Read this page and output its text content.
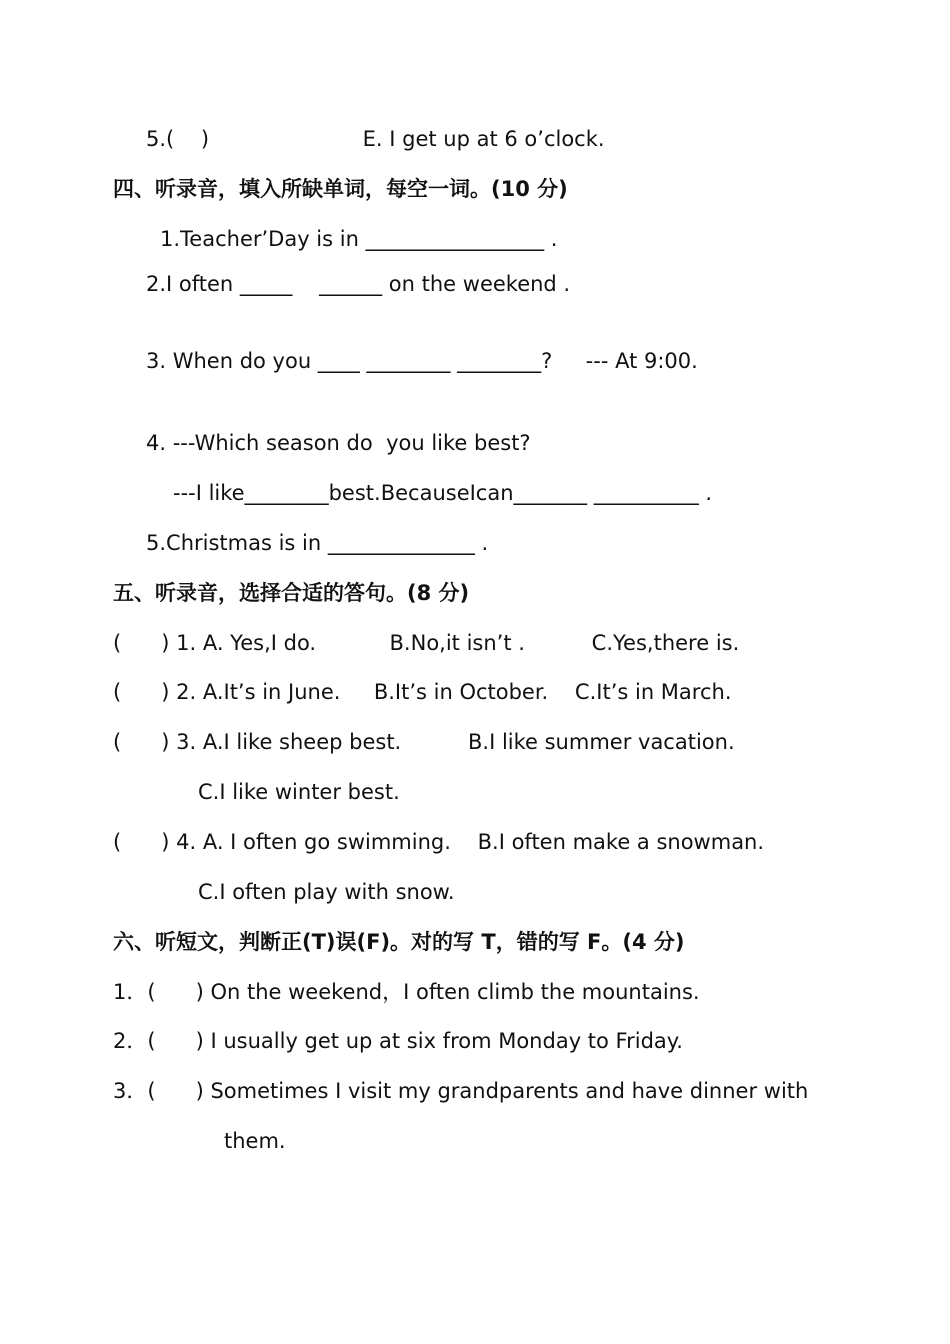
5.(    )                       E. I get up at 6 o’clock.
四、听录音，填入所缺单词，每空一词。(10 分)
1.Teacher’Day is in _________________ .
2.I often _____    ______ on the weekend .
3. When do you ____ ________ ________?     --- At 9:00.
4. ---Which season do  you like best?
---I like________best.BecauseIcan_______ __________ .
5.Christmas is in ______________ .
五、听录音，选择合适的答句。(8 分)
(      ) 1. A. Yes,I do.           B.No,it isn’t .          C.Yes,there is.
(      ) 2. A.It’s in June.     B.It’s in October.    C.It’s in March.
(      ) 3. A.I like sheep best.          B.I like summer vacation.
C.I like winter best.
(      ) 4. A. I often go swimming.    B.I often make a snowman.
C.I often play with snow.
六、听短文，判断正(T)误(F)。对的写 T，错的写 F。(4 分)
1．(      ) On the weekend，I often climb the mountains.
2．(      ) I usually get up at six from Monday to Friday.
3．(      ) Sometimes I visit my grandparents and have dinner with
them.
